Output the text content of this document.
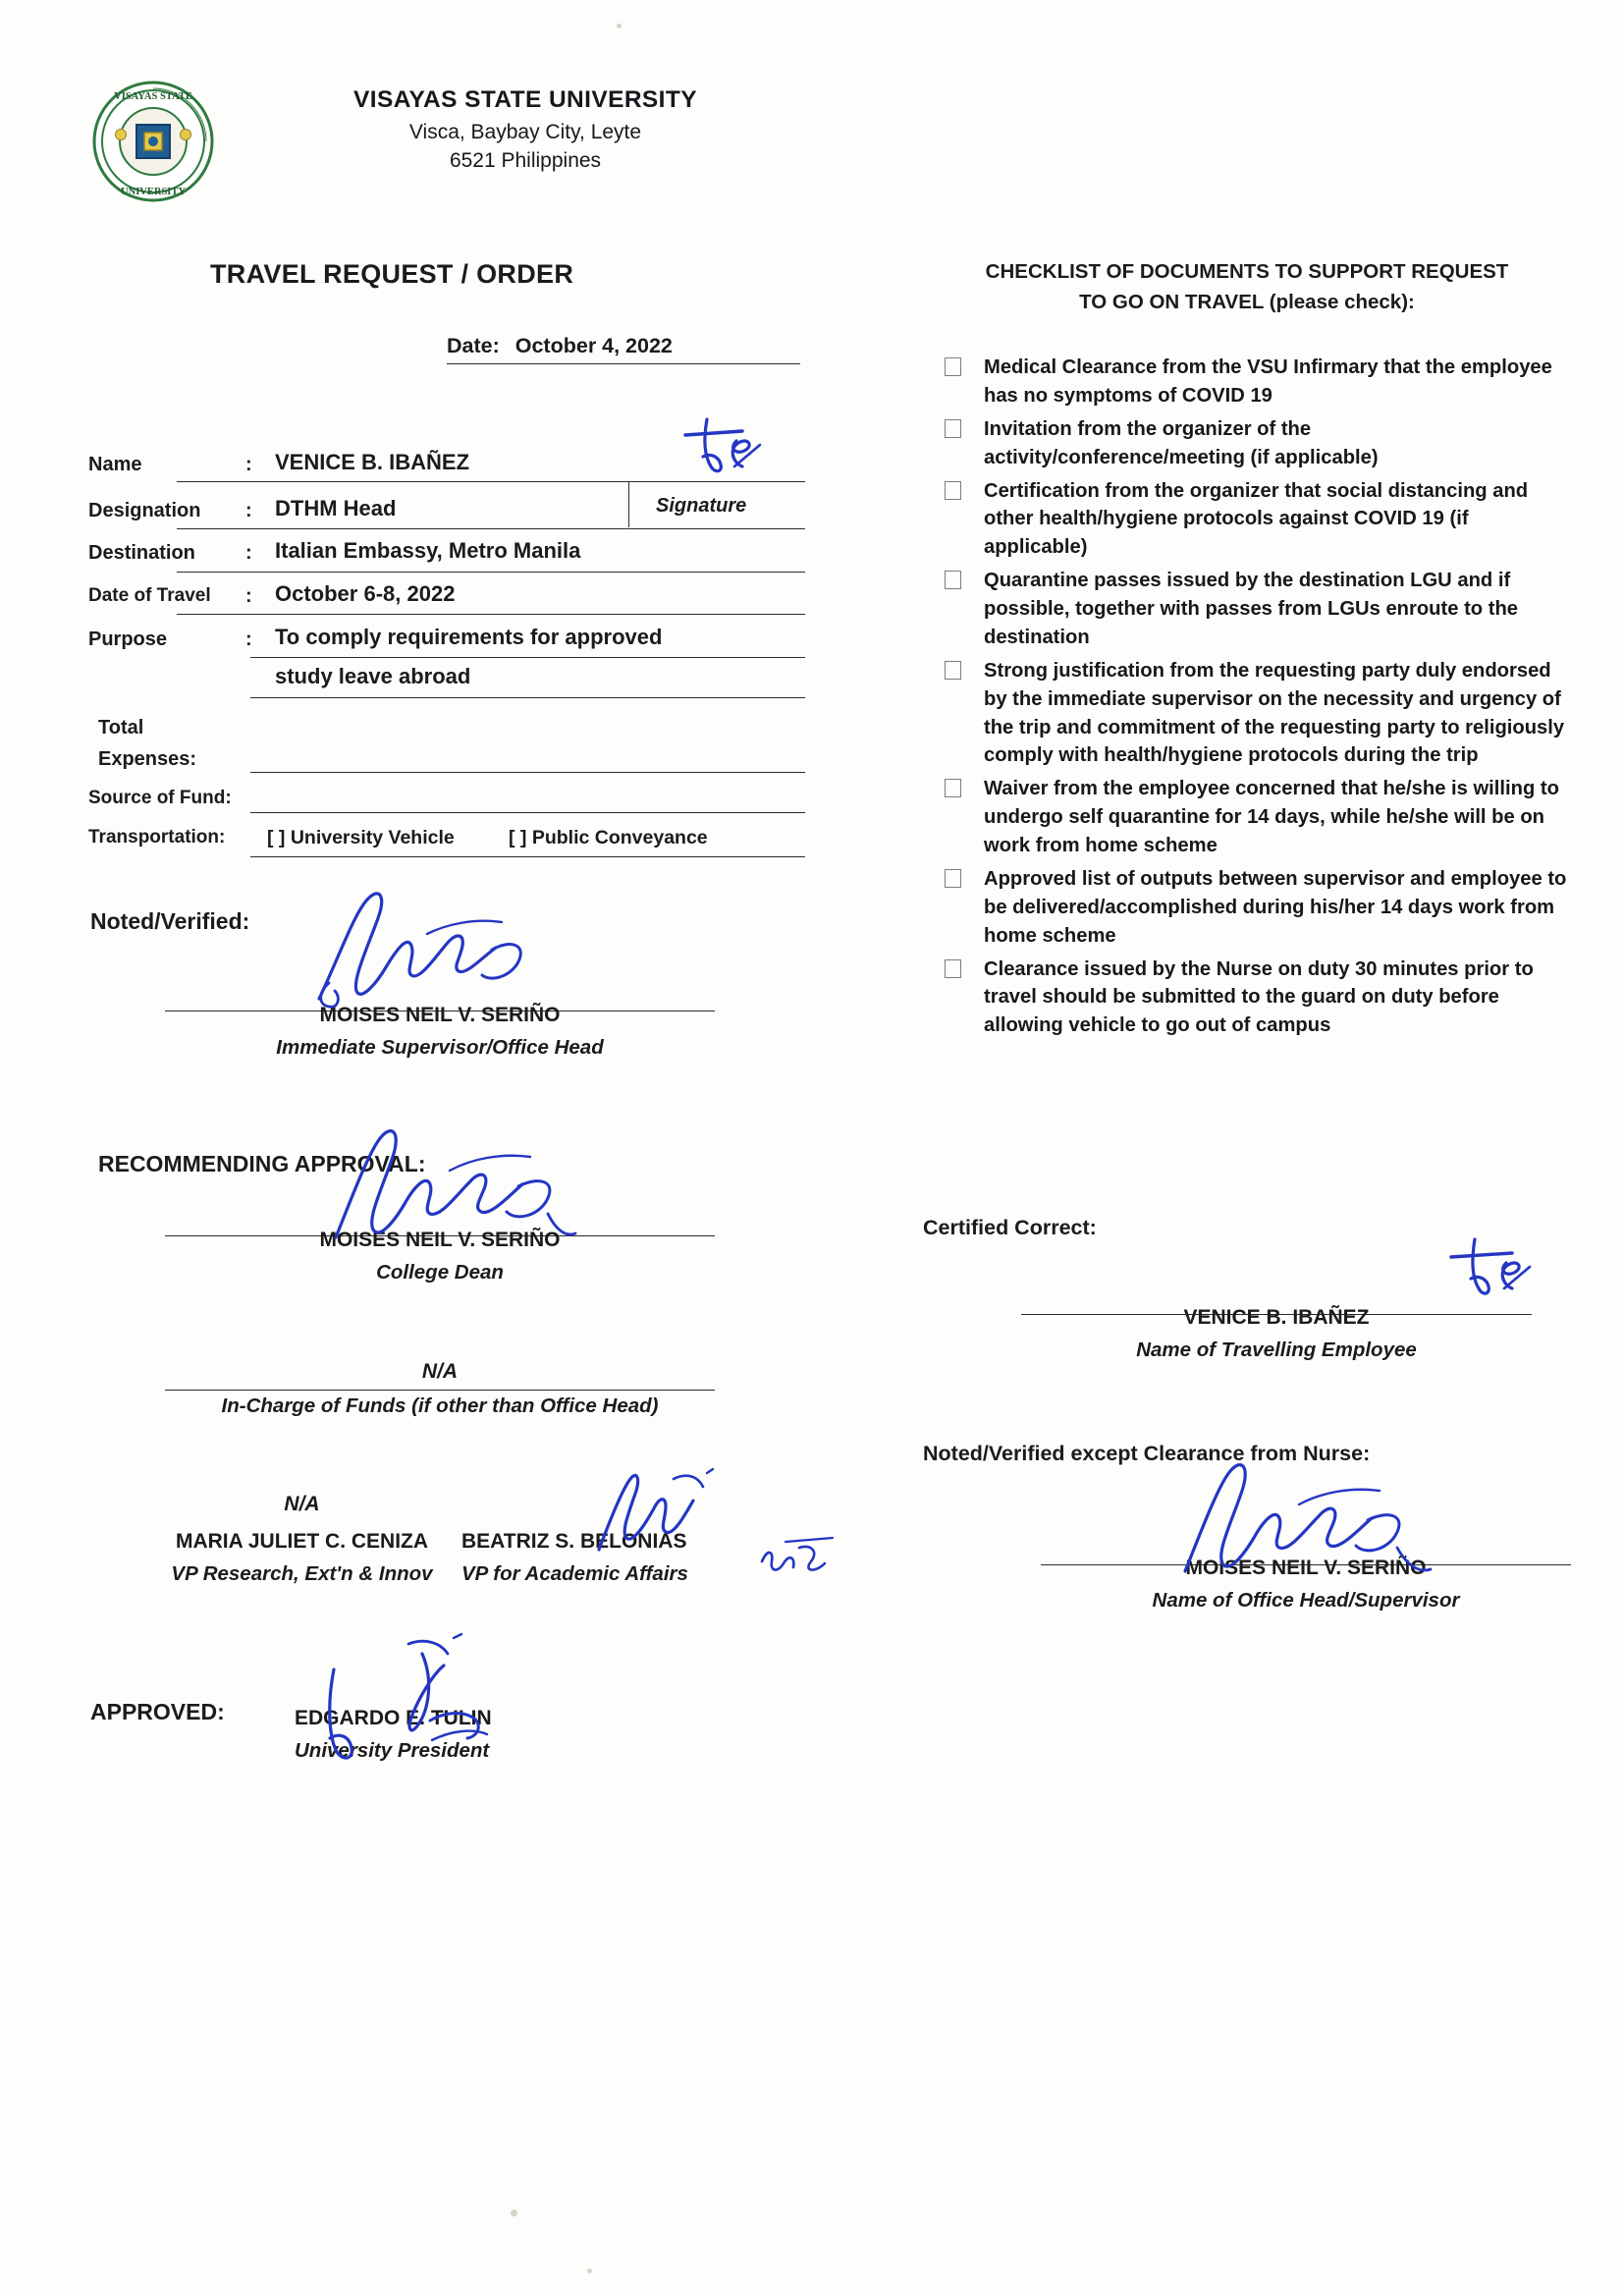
VISAYAS STATE
UNIVERSITY
VISAYAS STATE UNIVERSITY
Visca, Baybay City, Leyte
6521 Philippines
TRAVEL REQUEST / ORDER
Date: October 4, 2022
Name	: VENICE B. IBAÑEZ
Designation : DTHM Head	Signature
Destination	: Italian Embassy, Metro Manila
Date of Travel : October 6-8, 2022
Purpose	: To comply requirements for approved
study leave abroad
Total
Expenses:
Source of Fund:
Transportation: [ ] University Vehicle	[ ] Public Conveyance
Noted/Verified:
MOISES NEIL V. SERIÑO
Immediate Supervisor/Office Head
RECOMMENDING APPROVAL:
MOISES NEIL V. SERIÑO
College Dean
N/A
In-Charge of Funds (if other than Office Head)
N/A
MARIA JULIET C. CENIZA
VP Research, Ext'n & Innov
BEATRIZ S. BELONIAS
VP for Academic Affairs
APPROVED:	EDGARDO E. TULIN
University President
CHECKLIST OF DOCUMENTS TO SUPPORT REQUEST
TO GO ON TRAVEL (please check):
Medical Clearance from the VSU Infirmary that the employee has no symptoms of COVID 19
Invitation from the organizer of the activity/conference/meeting (if applicable)
Certification from the organizer that social distancing and other health/hygiene protocols against COVID 19 (if applicable)
Quarantine passes issued by the destination LGU and if possible, together with passes from LGUs enroute to the destination
Strong justification from the requesting party duly endorsed by the immediate supervisor on the necessity and urgency of the trip and commitment of the requesting party to religiously comply with health/hygiene protocols during the trip
Waiver from the employee concerned that he/she is willing to undergo self quarantine for 14 days, while he/she will be on work from home scheme
Approved list of outputs between supervisor and employee to be delivered/accomplished during his/her 14 days work from home scheme
Clearance issued by the Nurse on duty 30 minutes prior to travel should be submitted to the guard on duty before allowing vehicle to go out of campus
Certified Correct:
VENICE B. IBAÑEZ
Name of Travelling Employee
Noted/Verified except Clearance from Nurse:
MOISES NEIL V. SERIÑO
Name of Office Head/Supervisor
